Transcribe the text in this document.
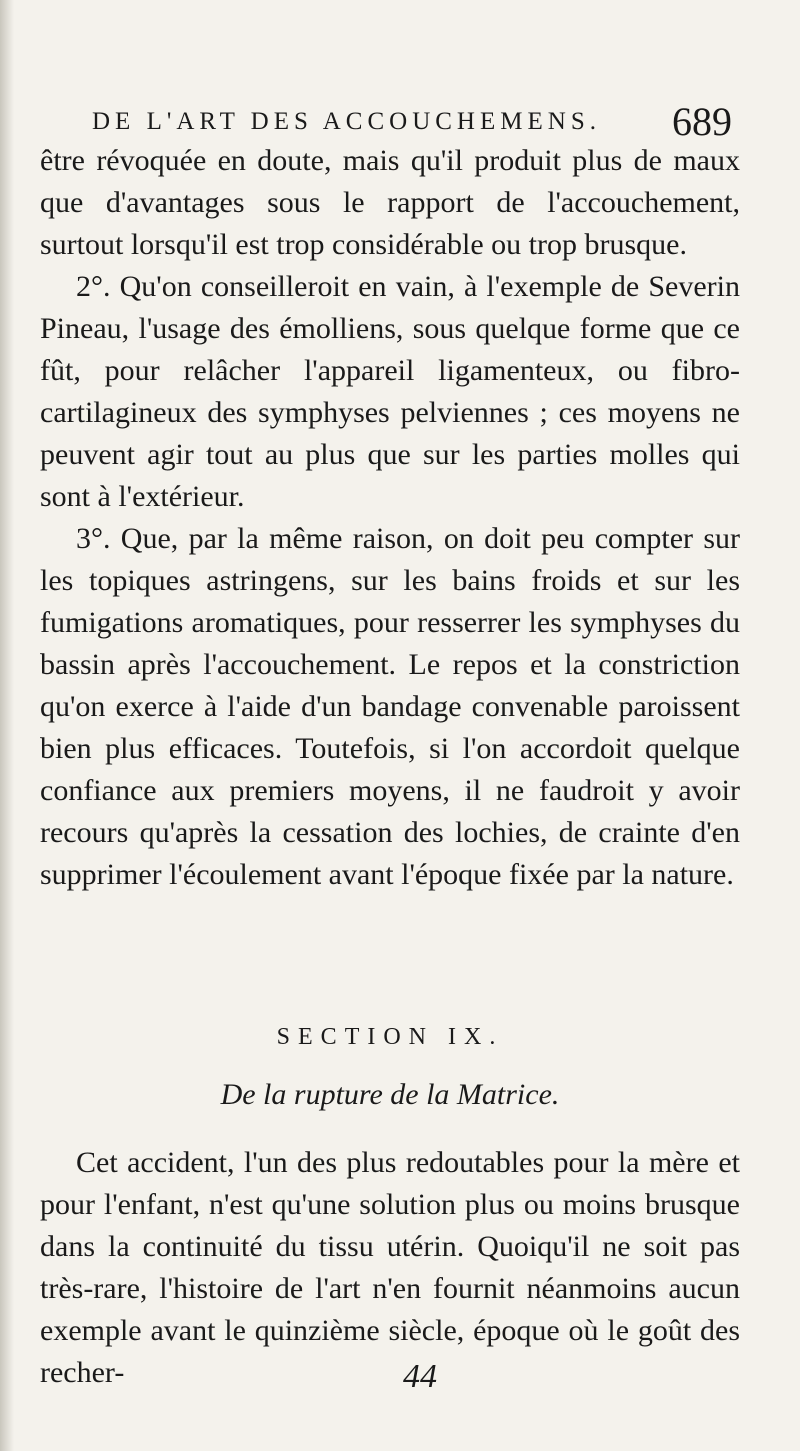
DE L'ART DES ACCOUCHEMENS. 689

être révoquée en doute, mais qu'il produit plus de maux que d'avantages sous le rapport de l'accouchement, surtout lorsqu'il est trop considérable ou trop brusque.

2°. Qu'on conseilleroit en vain, à l'exemple de Severin Pineau, l'usage des émolliens, sous quelque forme que ce fût, pour relâcher l'appareil ligamenteux, ou fibro-cartilagineux des symphyses pelviennes ; ces moyens ne peuvent agir tout au plus que sur les parties molles qui sont à l'extérieur.

3°. Que, par la même raison, on doit peu compter sur les topiques astringens, sur les bains froids et sur les fumigations aromatiques, pour resserrer les symphyses du bassin après l'accouchement. Le repos et la constriction qu'on exerce à l'aide d'un bandage convenable paroissent bien plus efficaces. Toutefois, si l'on accordoit quelque confiance aux premiers moyens, il ne faudroit y avoir recours qu'après la cessation des lochies, de crainte d'en supprimer l'écoulement avant l'époque fixée par la nature.

SECTION IX.
De la rupture de la Matrice.

Cet accident, l'un des plus redoutables pour la mère et pour l'enfant, n'est qu'une solution plus ou moins brusque dans la continuité du tissu utérin. Quoiqu'il ne soit pas très-rare, l'histoire de l'art n'en fournit néanmoins aucun exemple avant le quinzième siècle, époque où le goût des recher-	44
